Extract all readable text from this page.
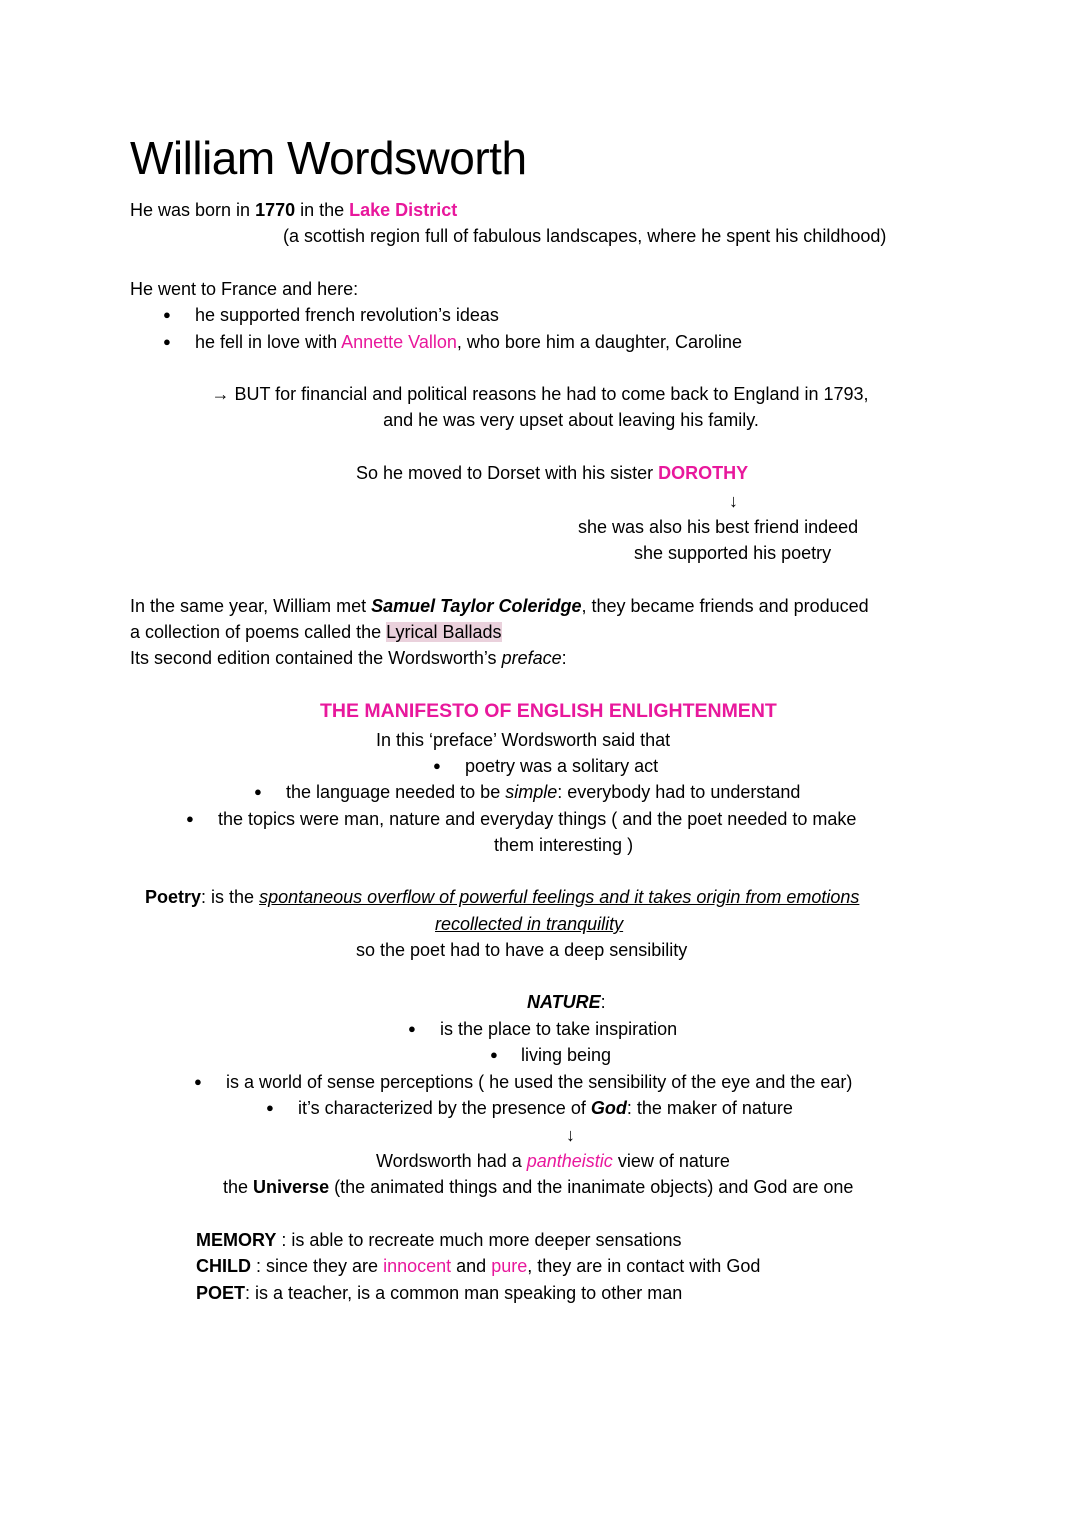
William Wordsworth
He was born in 1770 in the Lake District
(a scottish region full of fabulous landscapes, where he spent his childhood)
He went to France and here:
● he supported french revolution’s ideas
● he fell in love with Annette Vallon, who bore him a daughter, Caroline
→ BUT for financial and political reasons he had to come back to England in 1793,
and he was very upset about leaving his family.
So he moved to Dorset with his sister DOROTHY
↓
she was also his best friend indeed
she supported his poetry
In the same year, William met Samuel Taylor Coleridge, they became friends and produced
a collection of poems called the Lyrical Ballads
Its second edition contained the Wordsworth’s preface:
THE MANIFESTO OF ENGLISH ENLIGHTENMENT
In this ‘preface’ Wordsworth said that
● poetry was a solitary act
● the language needed to be simple: everybody had to understand
● the topics were man, nature and everyday things ( and the poet needed to make
them interesting )
Poetry: is the spontaneous overflow of powerful feelings and it takes origin from emotions
recollected in tranquility
so the poet had to have a deep sensibility
NATURE:
● is the place to take inspiration
● living being
● is a world of sense perceptions ( he used the sensibility of the eye and the ear)
● it’s characterized by the presence of God: the maker of nature
↓
Wordsworth had a pantheistic view of nature
the Universe (the animated things and the inanimate objects) and God are one
MEMORY : is able to recreate much more deeper sensations
CHILD : since they are innocent and pure, they are in contact with God
POET: is a teacher, is a common man speaking to other man
